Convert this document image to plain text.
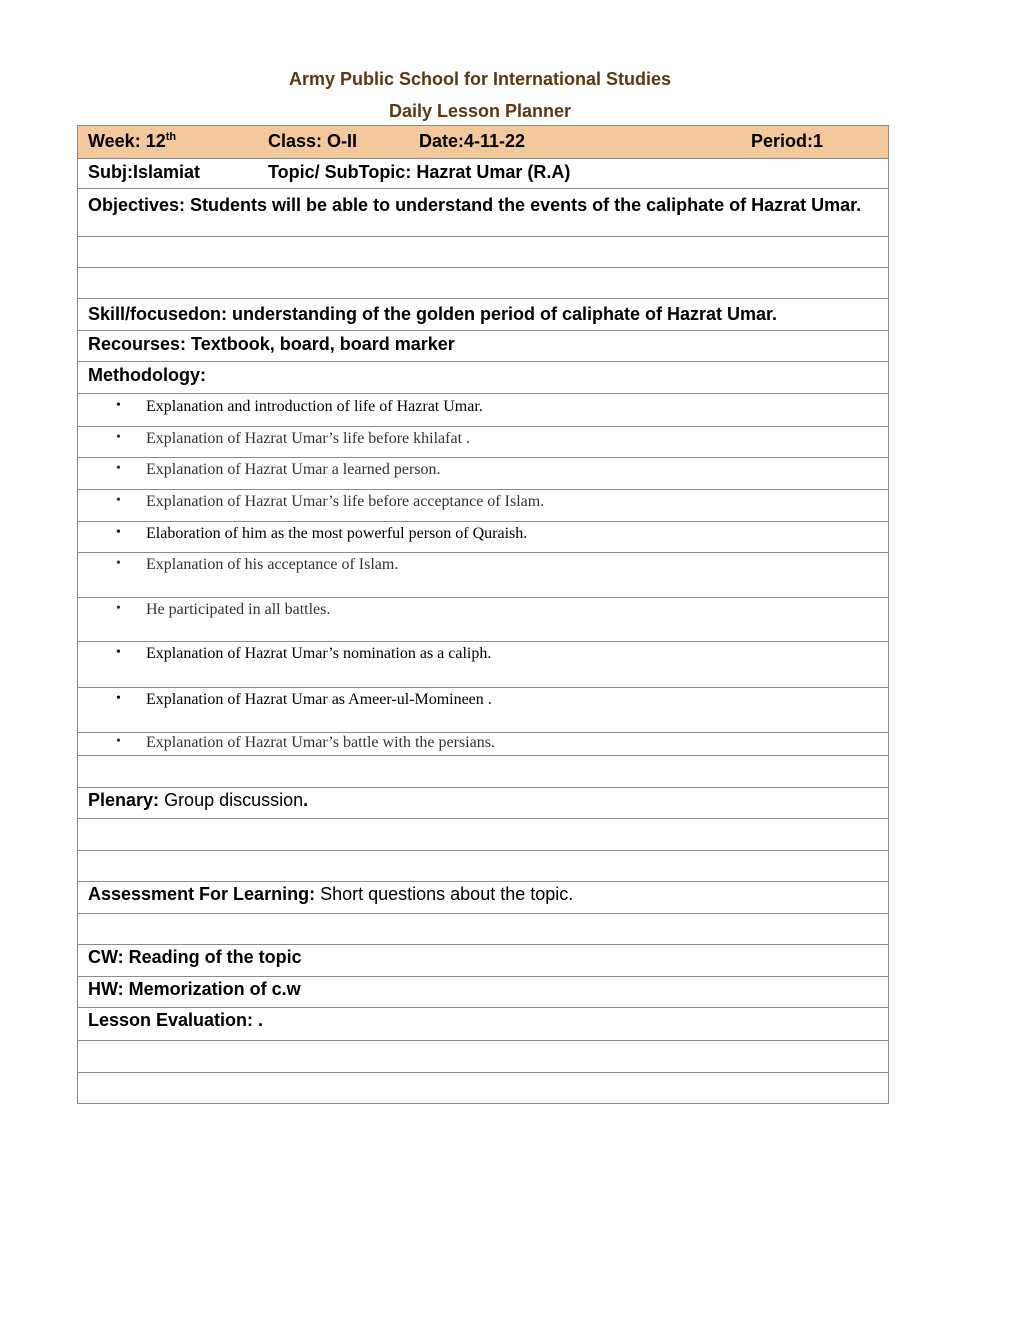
Army Public School for International Studies
Daily Lesson Planner
Week: 12th	Class: O-II	Date:4-11-22	Period:1
Subj:Islamiat	Topic/ SubTopic: Hazrat Umar (R.A)
Objectives: Students will be able to understand the events of the caliphate of Hazrat Umar.
Skill/focusedon: understanding of the golden period of caliphate of Hazrat Umar.
Recourses: Textbook, board, board marker
Methodology:
• Explanation and introduction of life of Hazrat Umar.
• Explanation of Hazrat Umar’s life before khilafat .
• Explanation of Hazrat Umar a learned person.
• Explanation of Hazrat Umar’s life before acceptance of Islam.
• Elaboration of him as the most powerful person of Quraish.
• Explanation of his acceptance of Islam.
• He participated in all battles.
• Explanation of Hazrat Umar’s nomination as a caliph.
• Explanation of Hazrat Umar as Ameer-ul-Momineen .
• Explanation of Hazrat Umar’s battle with the persians.
Plenary: Group discussion.
Assessment For Learning: Short questions about the topic.
CW: Reading of the topic
HW: Memorization of c.w
Lesson Evaluation: .
